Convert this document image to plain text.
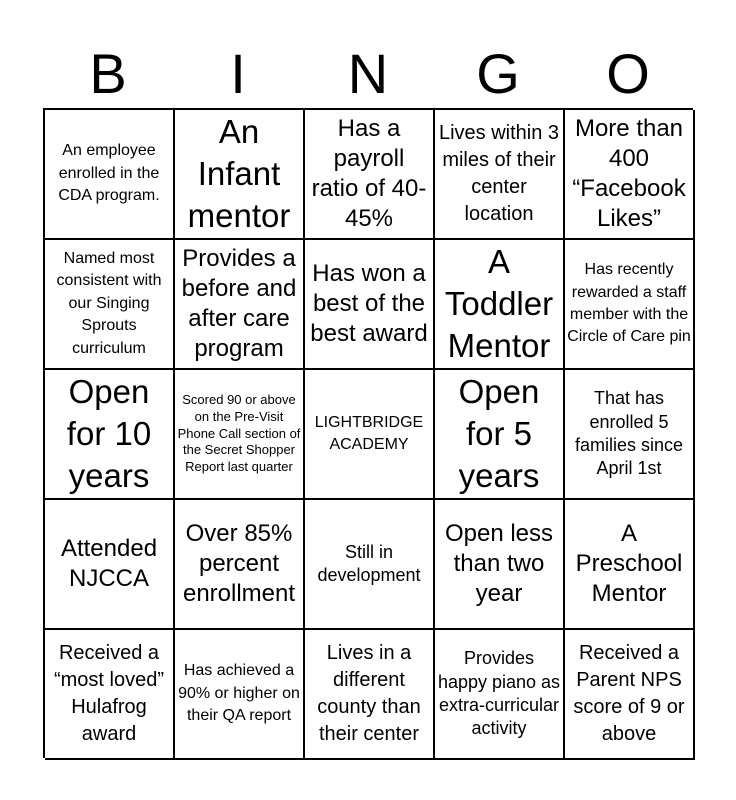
B	I	N	G	O
An employee enrolled in the CDA program.
An Infant mentor
Has a payroll ratio of 40-45%
Lives within 3 miles of their center location
More than 400 “Facebook Likes”
Named most consistent with our Singing Sprouts curriculum
Provides a before and after care program
Has won a best of the best award
A Toddler Mentor
Has recently rewarded a staff member with the Circle of Care pin
Open for 10 years
Scored 90 or above on the Pre-Visit Phone Call section of the Secret Shopper Report last quarter
LIGHTBRIDGE ACADEMY
Open for 5 years
That has enrolled 5 families since April 1st
Attended NJCCA
Over 85% percent enrollment
Still in development
Open less than two year
A Preschool Mentor
Received a “most loved” Hulafrog award
Has achieved a 90% or higher on their QA report
Lives in a different county than their center
Provides happy piano as extra-curricular activity
Received a Parent NPS score of 9 or above
